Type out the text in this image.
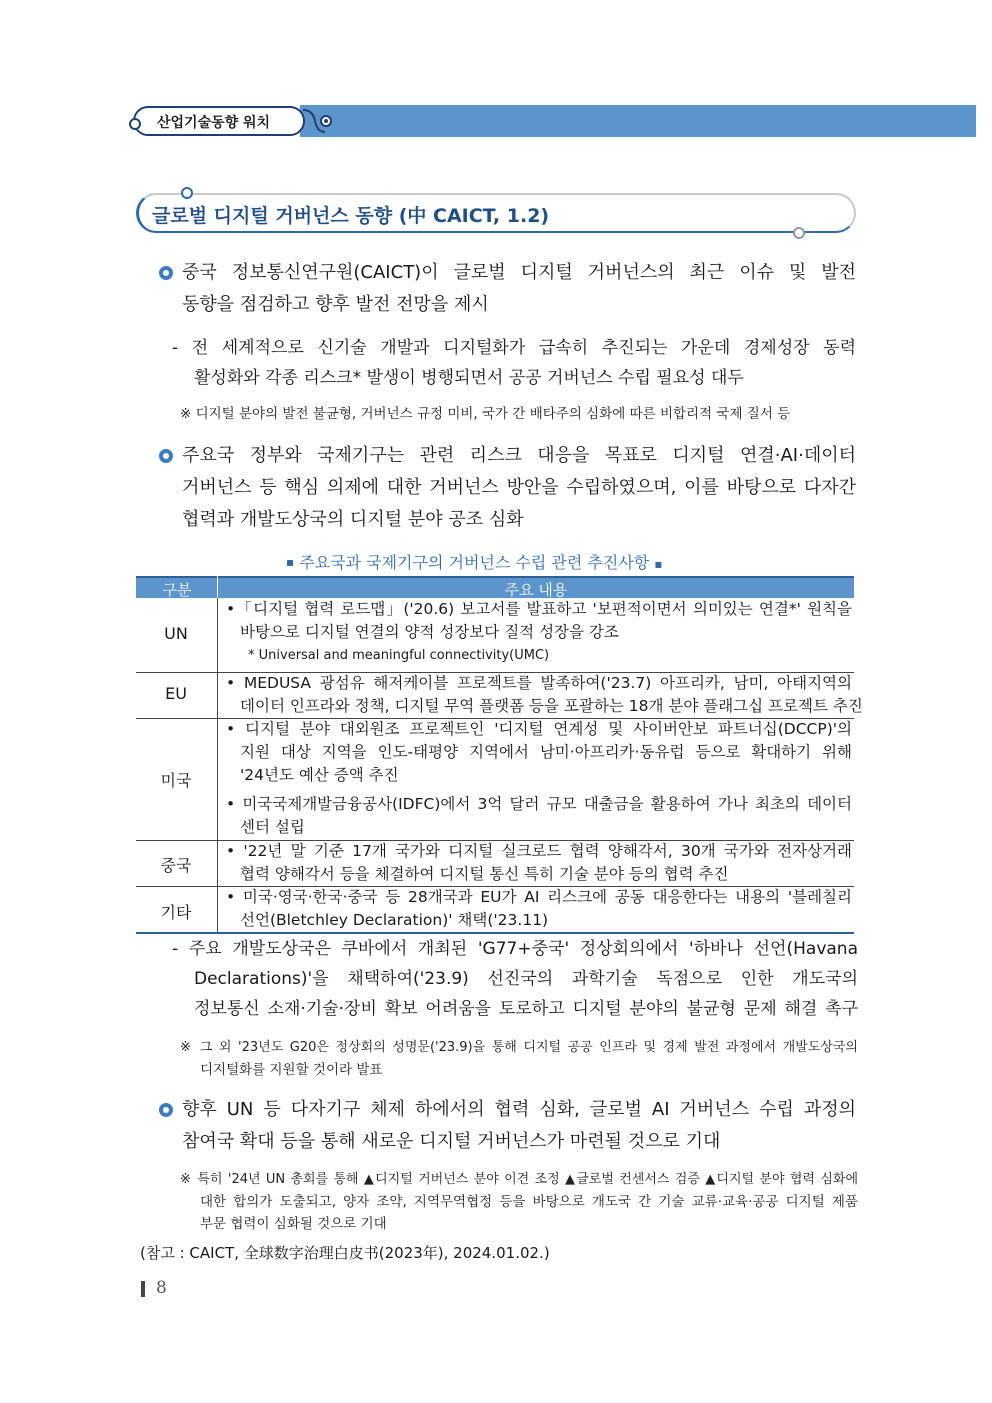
산업기술동향 워치
글로벌 디지털 거버넌스 동향 (中 CAICT, 1.2)
중국 정보통신연구원(CAICT)이 글로벌 디지털 거버넌스의 최근 이슈 및 발전
동향을 점검하고 향후 발전 전망을 제시
- 전 세계적으로 신기술 개발과 디지털화가 급속히 추진되는 가운데 경제성장 동력
활성화와 각종 리스크* 발생이 병행되면서 공공 거버넌스 수립 필요성 대두
※ 디지털 분야의 발전 불균형, 거버넌스 규정 미비, 국가 간 배타주의 심화에 따른 비합리적 국제 질서 등
주요국 정부와 국제기구는 관련 리스크 대응을 목표로 디지털 연결·AI·데이터
거버넌스 등 핵심 의제에 대한 거버넌스 방안을 수립하였으며, 이를 바탕으로 다자간
협력과 개발도상국의 디지털 분야 공조 심화
▪ 주요국과 국제기구의 거버넌스 수립 관련 추진사항 ▪
구분	주요 내용
UN
•「디지털 협력 로드맵」('20.6) 보고서를 발표하고 '보편적이면서 의미있는 연결*' 원칙을
바탕으로 디지털 연결의 양적 성장보다 질적 성장을 강조
* Universal and meaningful connectivity(UMC)
EU
• MEDUSA 광섬유 해저케이블 프로젝트를 발족하여('23.7) 아프리카, 남미, 아태지역의
데이터 인프라와 정책, 디지털 무역 플랫폼 등을 포괄하는 18개 분야 플래그십 프로젝트 추진
미국
• 디지털 분야 대외원조 프로젝트인 '디지털 연계성 및 사이버안보 파트너십(DCCP)'의
지원 대상 지역을 인도-태평양 지역에서 남미·아프리카·동유럽 등으로 확대하기 위해
'24년도 예산 증액 추진
• 미국국제개발금융공사(IDFC)에서 3억 달러 규모 대출금을 활용하여 가나 최초의 데이터
센터 설립
중국
• '22년 말 기준 17개 국가와 디지털 실크로드 협력 양해각서, 30개 국가와 전자상거래
협력 양해각서 등을 체결하여 디지털 통신 특히 기술 분야 등의 협력 추진
기타
• 미국·영국·한국·중국 등 28개국과 EU가 AI 리스크에 공동 대응한다는 내용의 '블레칠리
선언(Bletchley Declaration)' 채택('23.11)
- 주요 개발도상국은 쿠바에서 개최된 'G77+중국' 정상회의에서 '하바나 선언(Havana
Declarations)'을 채택하여('23.9) 선진국의 과학기술 독점으로 인한 개도국의
정보통신 소재·기술·장비 확보 어려움을 토로하고 디지털 분야의 불균형 문제 해결 촉구
※ 그 외 '23년도 G20은 정상회의 성명문('23.9)을 통해 디지털 공공 인프라 및 경제 발전 과정에서 개발도상국의
디지털화를 지원할 것이라 발표
향후 UN 등 다자기구 체제 하에서의 협력 심화, 글로벌 AI 거버넌스 수립 과정의
참여국 확대 등을 통해 새로운 디지털 거버넌스가 마련될 것으로 기대
※ 특히 '24년 UN 총회를 통해 ▲디지털 거버넌스 분야 이견 조정 ▲글로벌 컨센서스 검증 ▲디지털 분야 협력 심화에
대한 합의가 도출되고, 양자 조약, 지역무역협정 등을 바탕으로 개도국 간 기술 교류·교육·공공 디지털 제품
부문 협력이 심화될 것으로 기대
(참고 : CAICT, 全球数字治理白皮书(2023年), 2024.01.02.)
8
